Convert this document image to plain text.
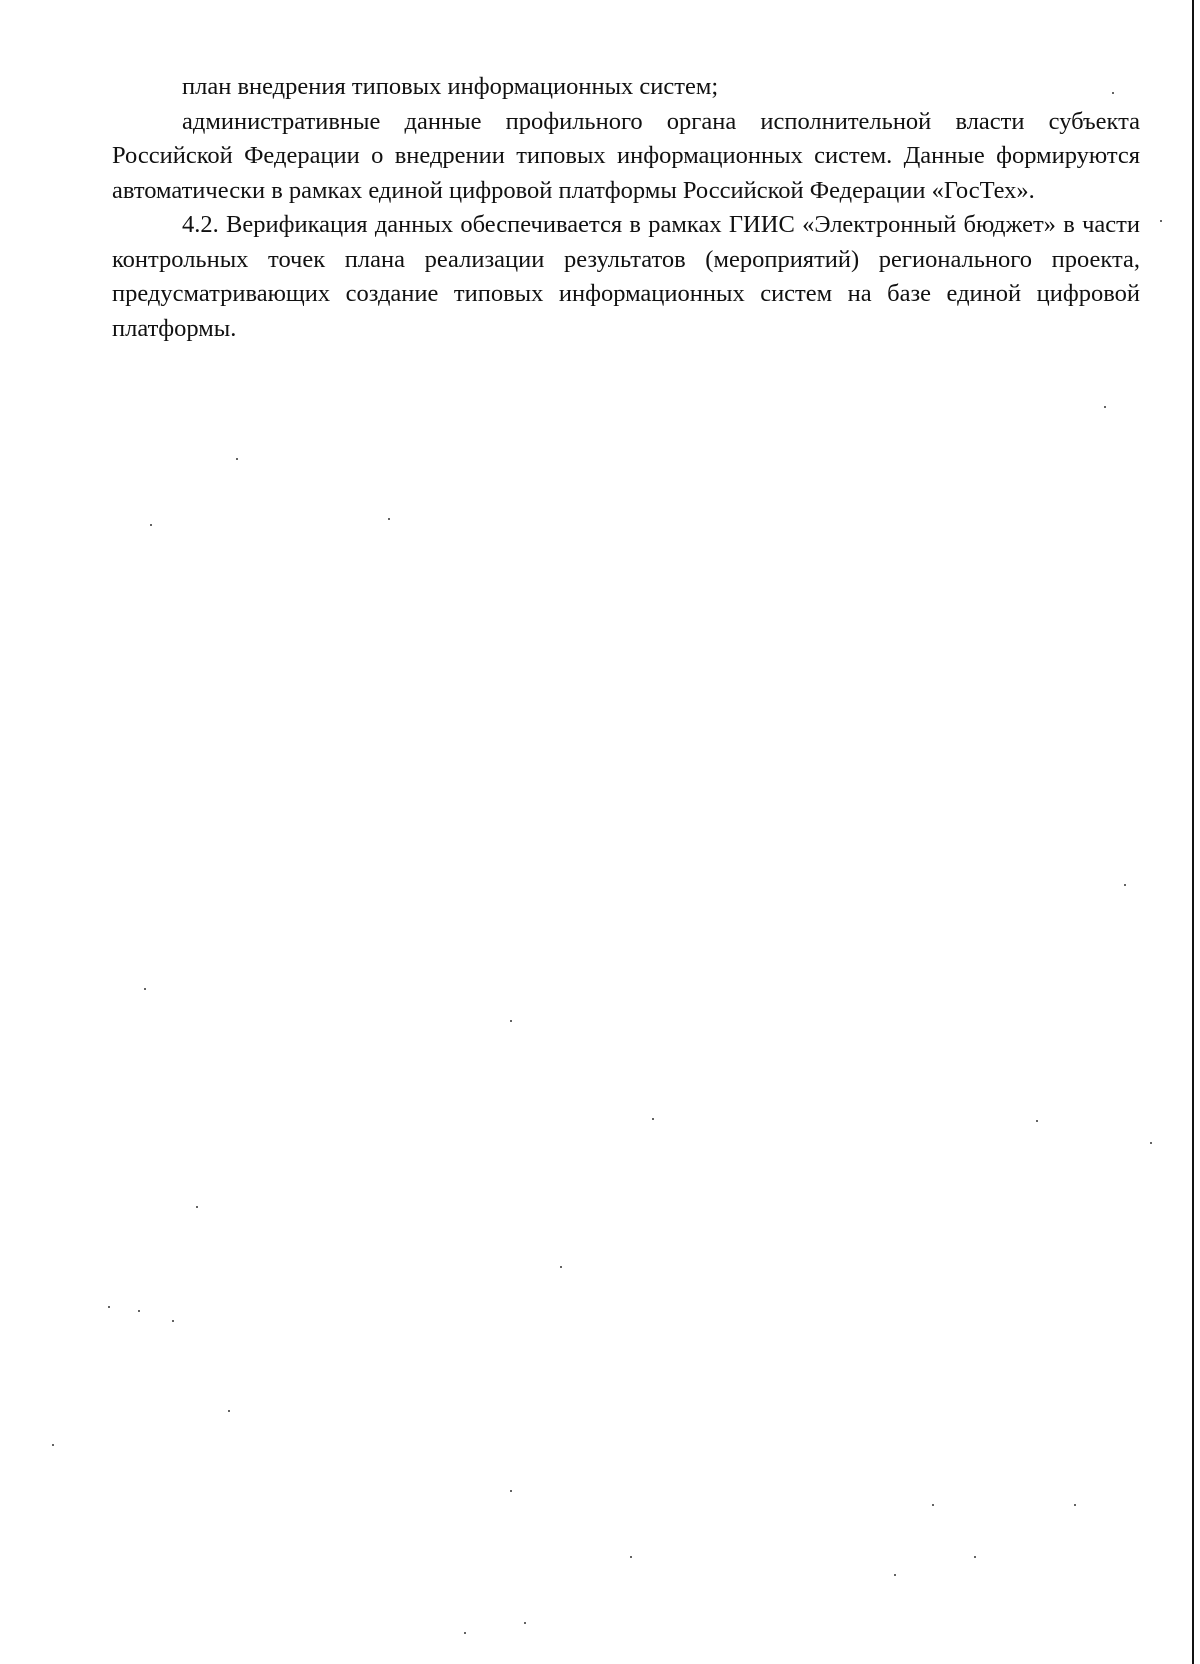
план внедрения типовых информационных систем;

административные данные профильного органа исполнительной власти субъекта Российской Федерации о внедрении типовых информационных систем. Данные формируются автоматически в рамках единой цифровой платформы Российской Федерации «ГосТех».

4.2. Верификация данных обеспечивается в рамках ГИИС «Электронный бюджет» в части контрольных точек плана реализации результатов (мероприятий) регионального проекта, предусматривающих создание типовых информационных систем на базе единой цифровой платформы.
